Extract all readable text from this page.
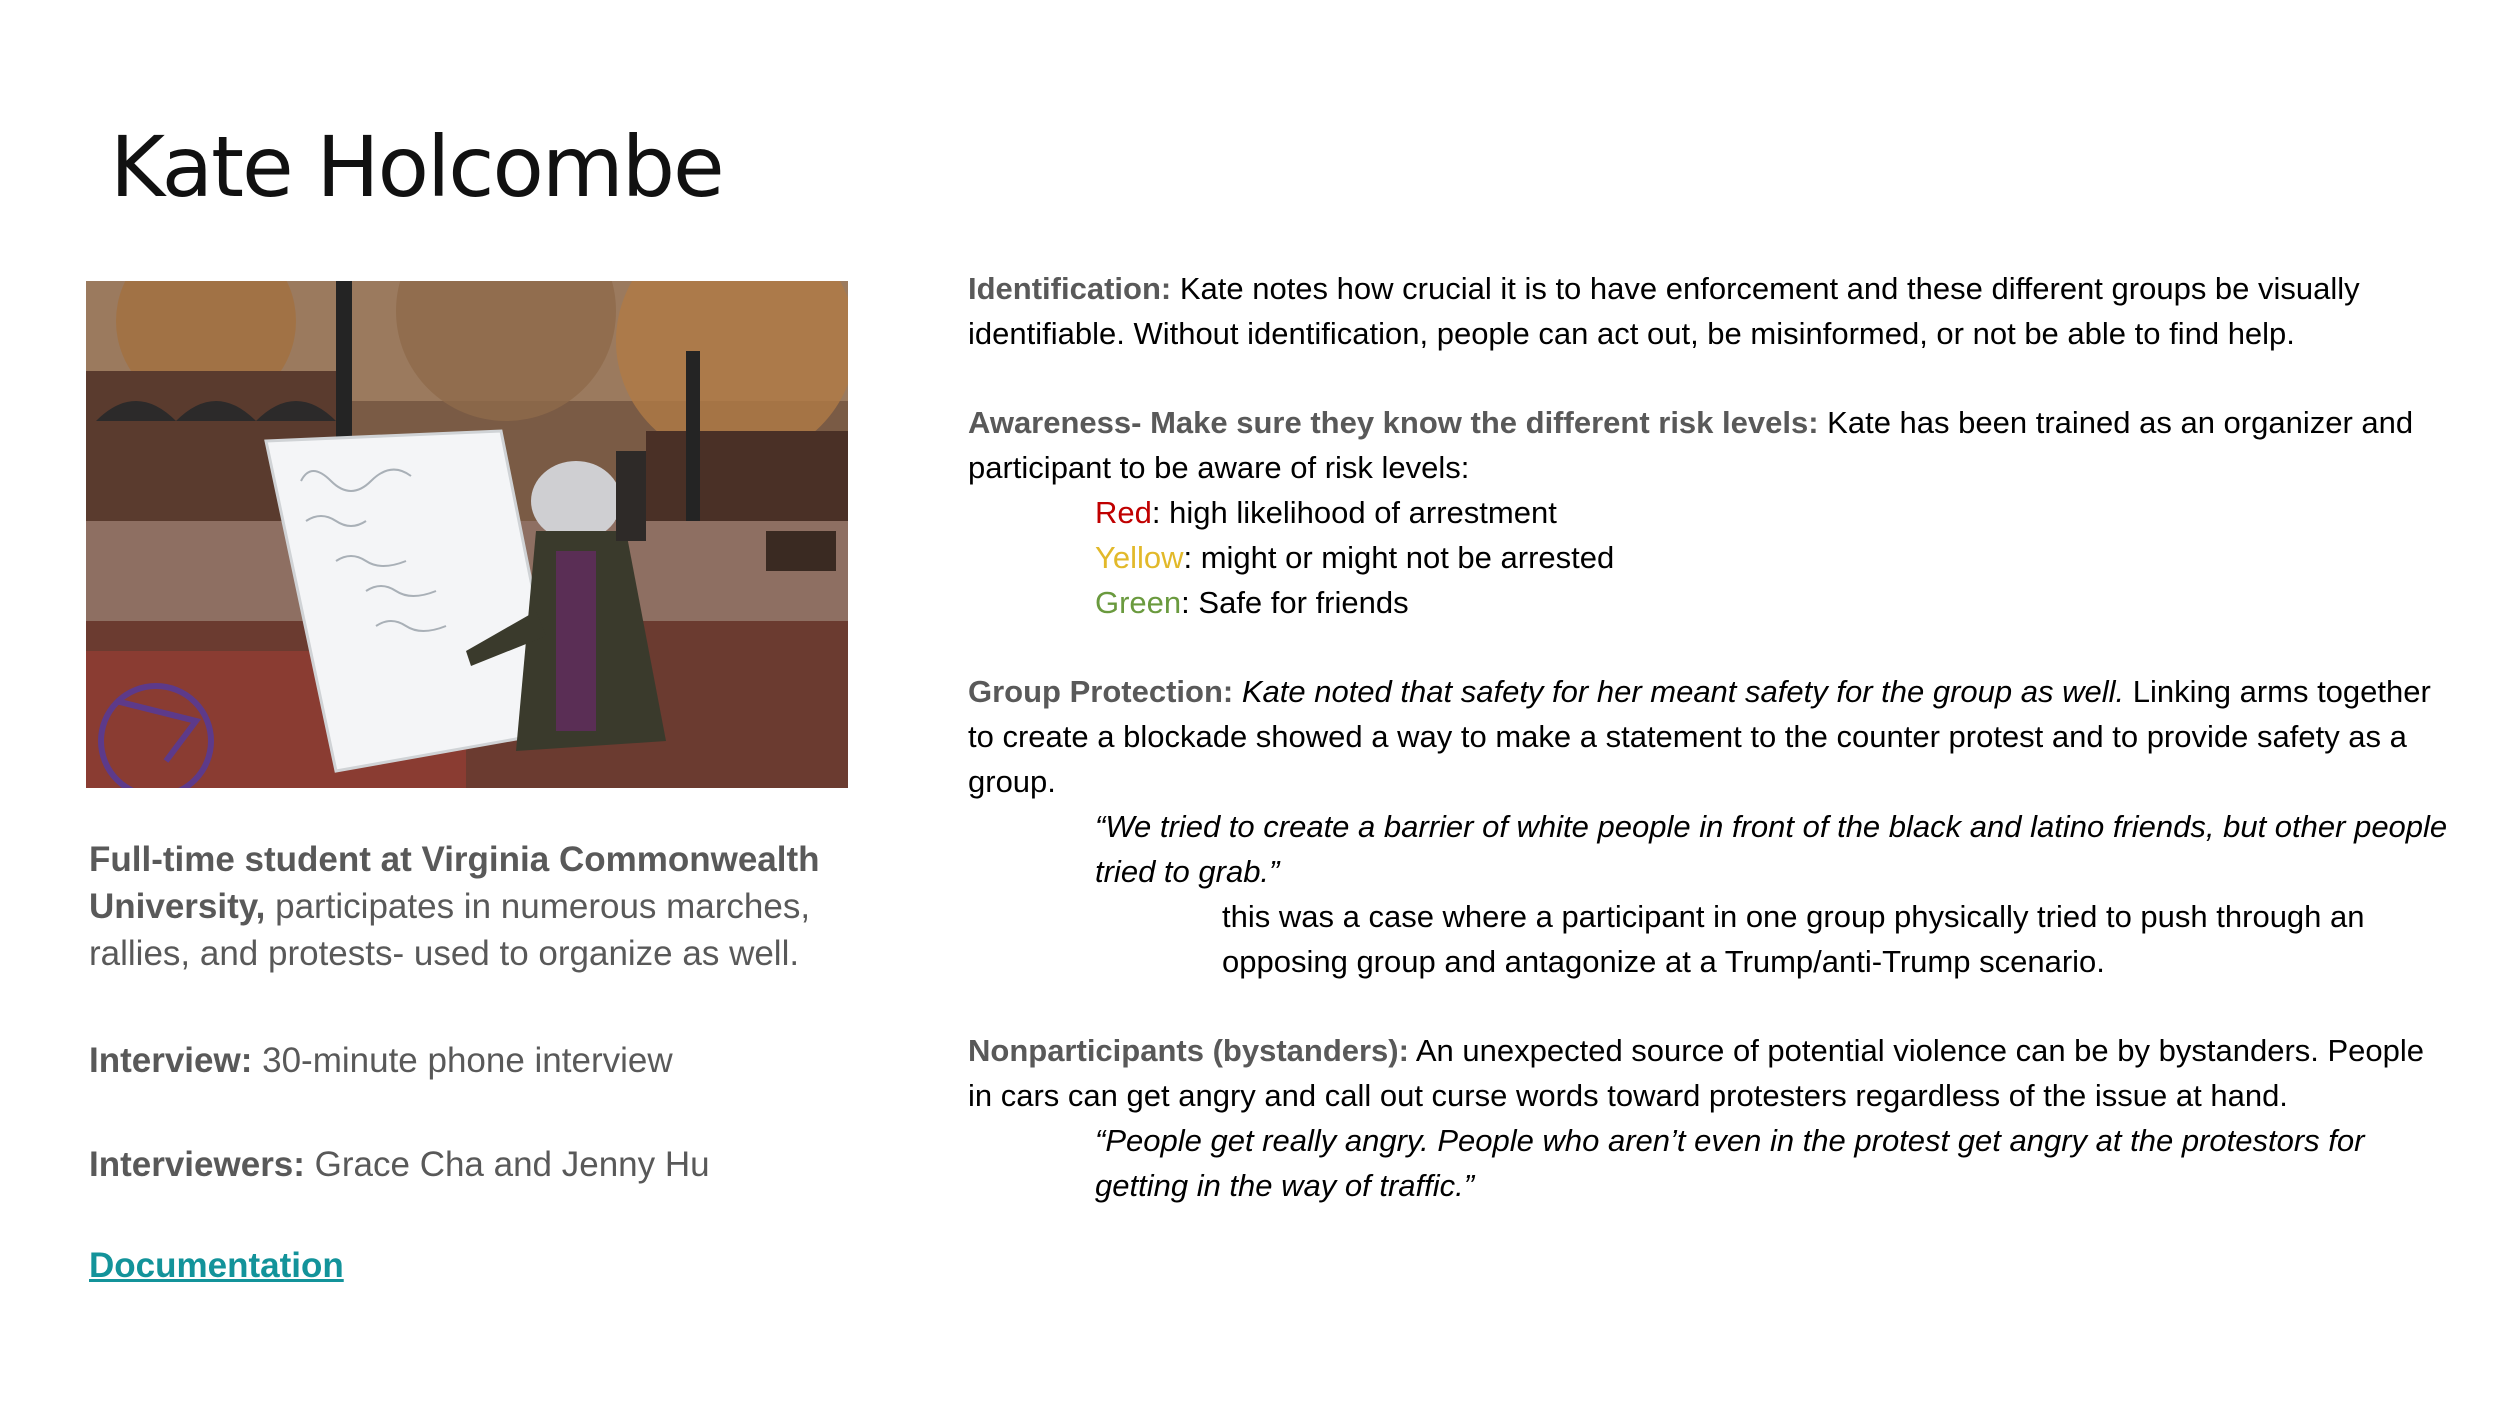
Kate Holcombe
Full-time student at Virginia Commonwealth University, participates in numerous marches, rallies, and protests- used to organize as well.
Interview: 30-minute phone interview
Interviewers: Grace Cha and Jenny Hu
Documentation

Identification: Kate notes how crucial it is to have enforcement and these different groups be visually identifiable. Without identification, people can act out, be misinformed, or not be able to find help.

Awareness- Make sure they know the different risk levels: Kate has been trained as an organizer and participant to be aware of risk levels:

Red: high likelihood of arrestment

Yellow: might or might not be arrested

Green: Safe for friends

Group Protection: Kate noted that safety for her meant safety for the group as well. Linking arms together to create a blockade showed a way to make a statement to the counter protest and to provide safety as a group.

“We tried to create a barrier of white people in front of the black and latino friends, but other people tried to grab.”

this was a case where a participant in one group physically tried to push through an opposing group and antagonize at a Trump/anti-Trump scenario.

Nonparticipants (bystanders): An unexpected source of potential violence can be by bystanders. People in cars can get angry and call out curse words toward protesters regardless of the issue at hand.

“People get really angry. People who aren’t even in the protest get angry at the protestors for getting in the way of traffic.”
